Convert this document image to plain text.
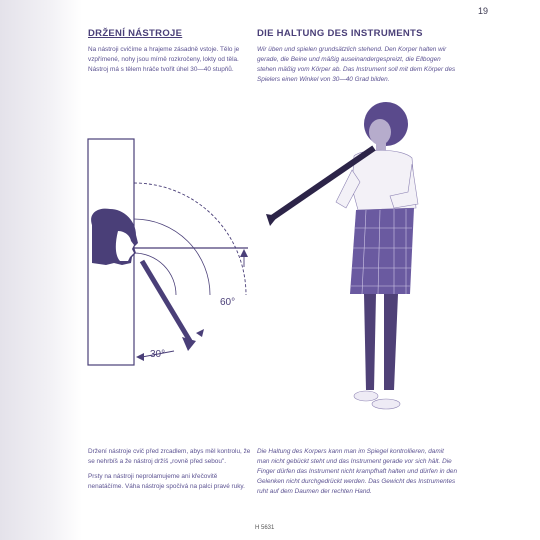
19
DRŽENÍ NÁSTROJE	DIE HALTUNG DES INSTRUMENTS
Na nástroji cvičíme a hrajeme zásadně vstoje. Tělo je vzpřímené, nohy jsou mírně rozkročeny, lokty od těla. Nástroj má s tělem hráče tvořit úhel 30—40 stupňů.
Wir üben und spielen grundsätzlich stehend. Den Korper halten wir gerade, die Beine und mäßig auseinandergespreizt, die Ellbogen stehen mäßig vom Körper ab. Das Instrument soll mit dem Körper des Spielers einen Winkel von 30—40 Grad bilden.
60°
30°
Držení nástroje cvič před zrcadlem, abys měl kontrolu, že se nehrbíš a že nástroj držíš „rovně před sebou".
Prsty na nástroji neprolamujeme ani křečovitě nenatáčíme. Váha nástroje spočívá na palci pravé ruky.
Die Haltung des Korpers kann man im Spiegel kontrollieren, damit man nicht gebückt steht und das Instrument gerade vor sich hält. Die Finger dürfen das Instrument nicht krampfhaft halten und dürfen in den Gelenken nicht durchgedrückt werden. Das Gewicht des Instrumentes ruht auf dem Daumen der rechten Hand.
H 5631
